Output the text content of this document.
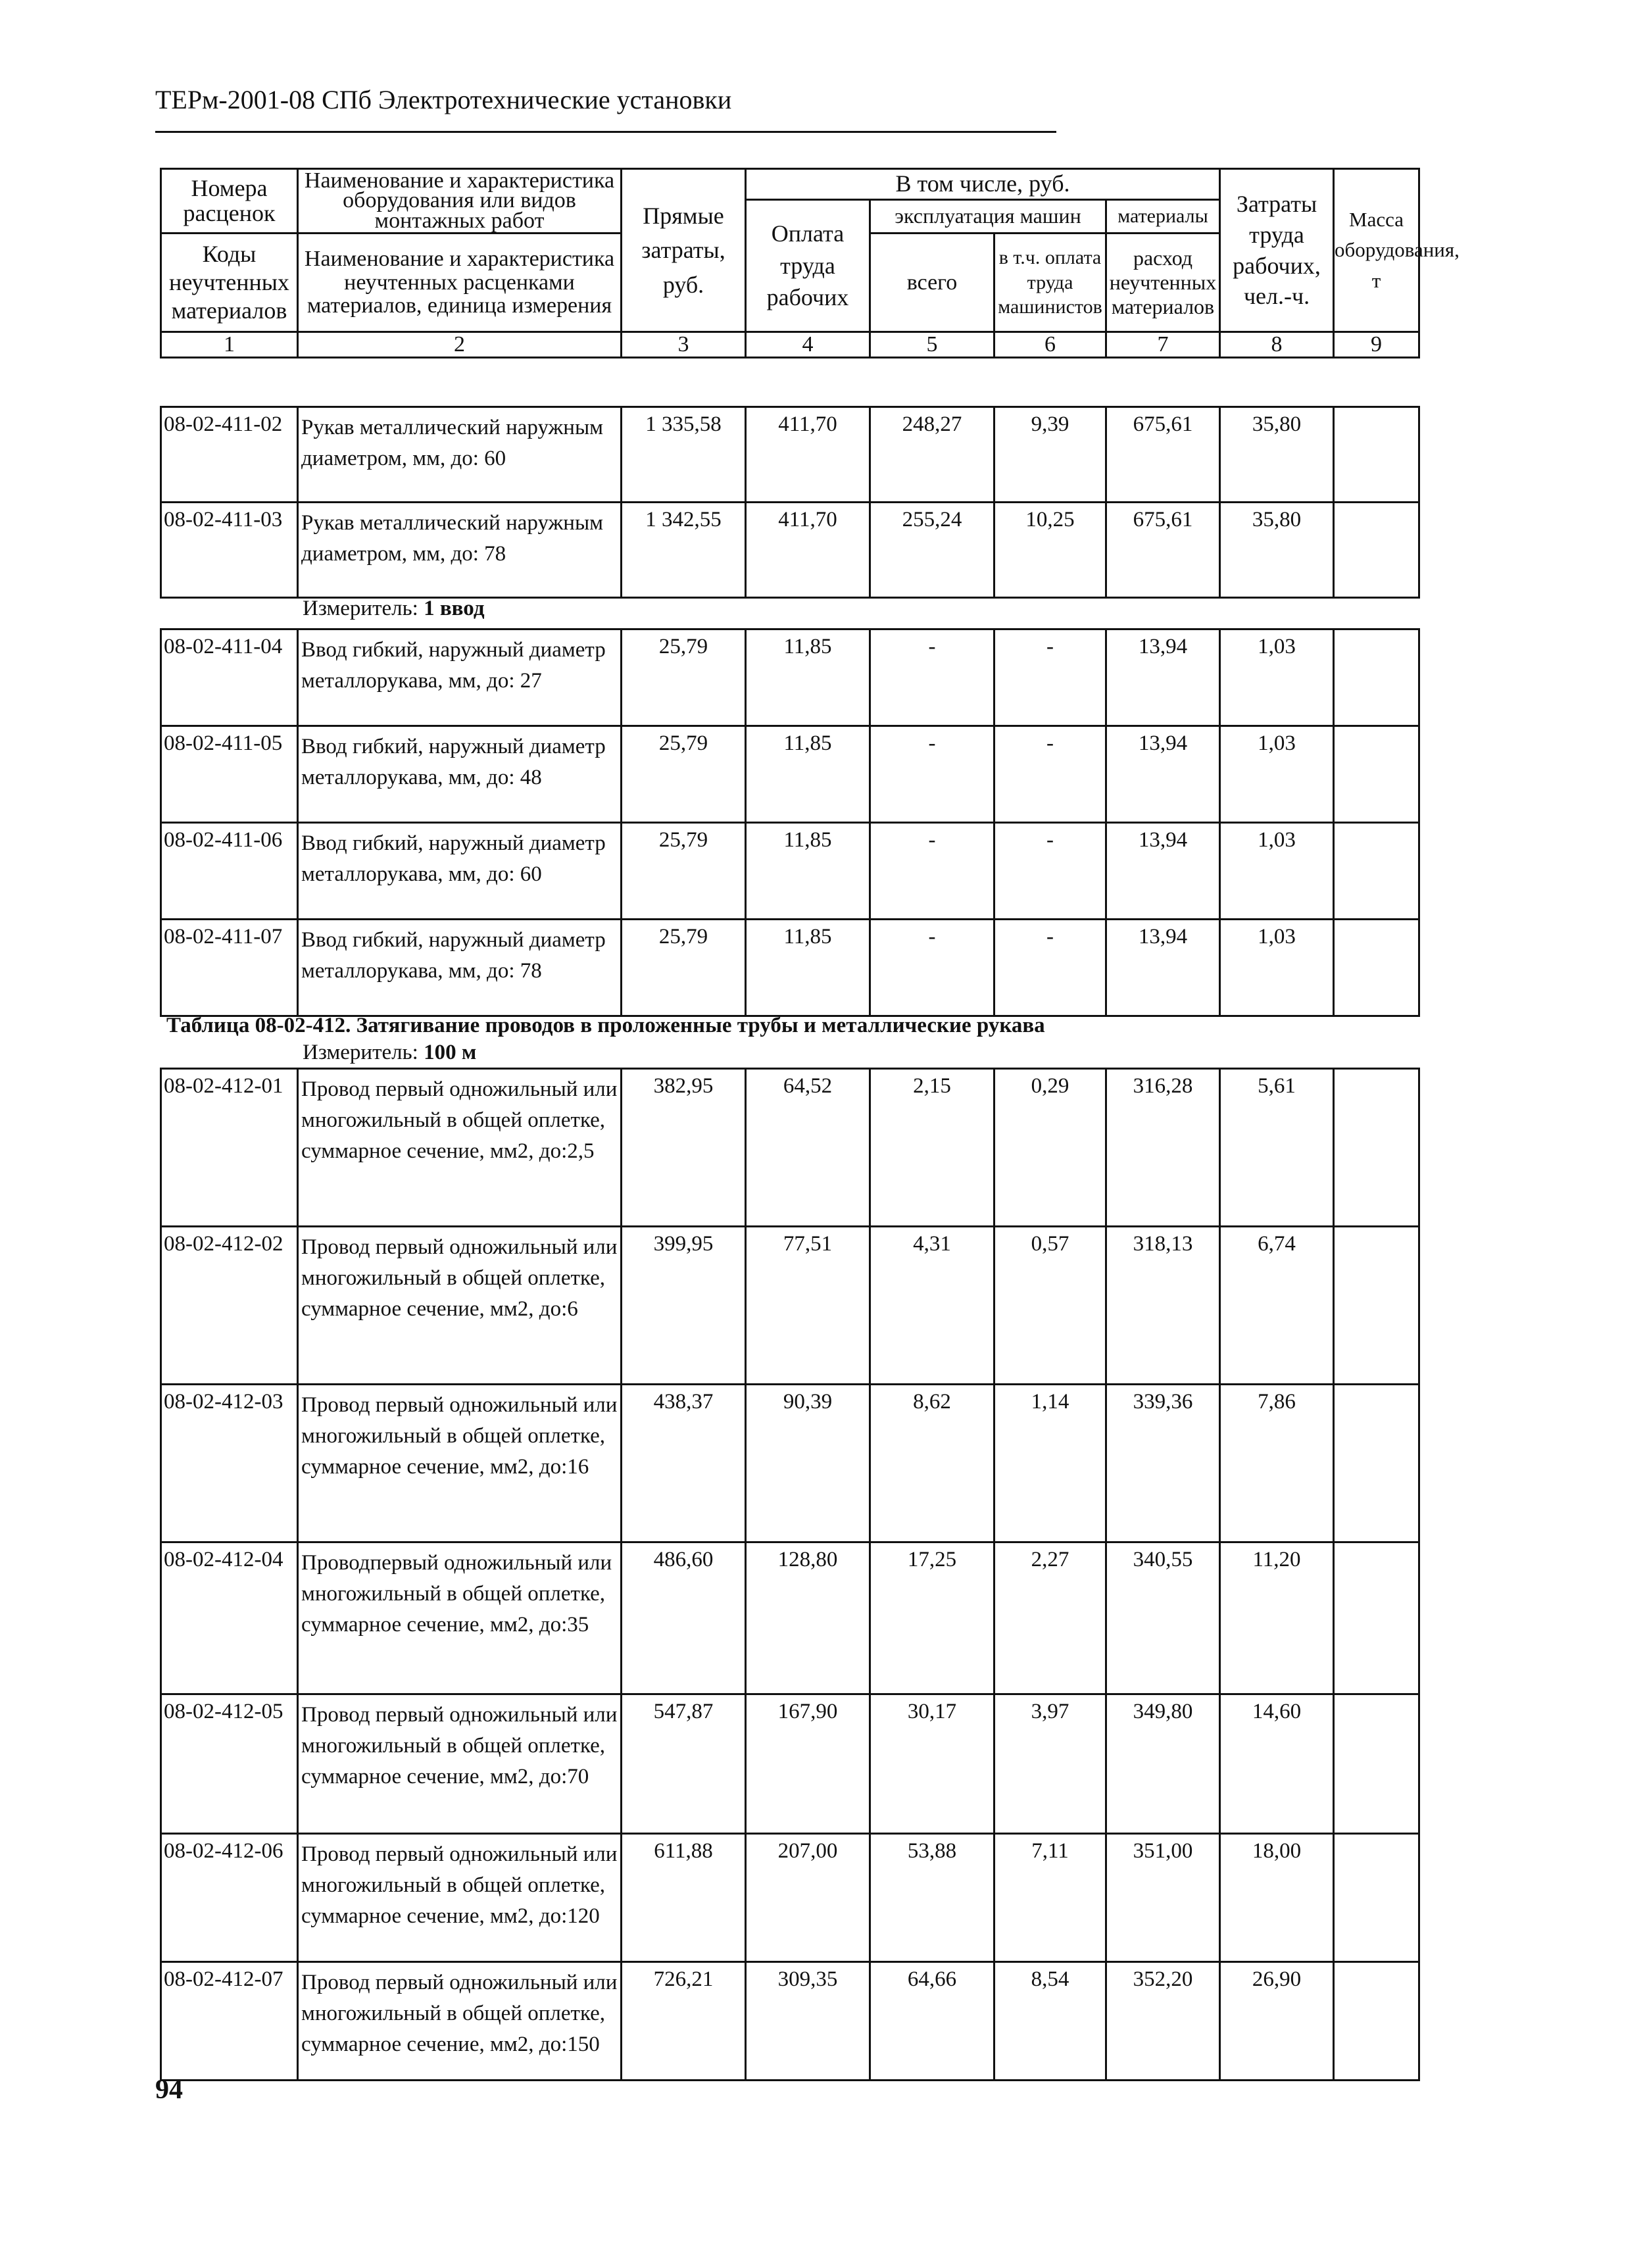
ТЕРм-2001-08 СПб Электротехнические установки
Номера расценок	Наименование и характеристика оборудования или видов монтажных работ	Прямые затраты, руб.	В том числе, руб.				Затраты труда рабочих, чел.-ч.	Масса оборудования, т
			Оплата труда рабочих	эксплуатация машин		материалы		
Коды неучтенных материалов	Наименование и характеристика неучтенных расценками материалов, единица измерения			всего	в т.ч. оплата труда машинистов	расход неучтенных материалов		

1	2	3	4	5	6	7	8	9
08-02-411-02	Рукав металлический наружным диаметром, мм, до: 60	1 335,58	411,70	248,27	9,39	675,61	35,80	
08-02-411-03	Рукав металлический наружным диаметром, мм, до: 78	1 342,55	411,70	255,24	10,25	675,61	35,80	
Измеритель: 1 ввод
08-02-411-04	Ввод гибкий, наружный диаметр металлорукава, мм, до: 27	25,79	11,85	-	-	13,94	1,03	
08-02-411-05	Ввод гибкий, наружный диаметр металлорукава, мм, до: 48	25,79	11,85	-	-	13,94	1,03	
08-02-411-06	Ввод гибкий, наружный диаметр металлорукава, мм, до: 60	25,79	11,85	-	-	13,94	1,03	
08-02-411-07	Ввод гибкий, наружный диаметр металлорукава, мм, до: 78	25,79	11,85	-	-	13,94	1,03	
Таблица 08-02-412. Затягивание проводов в проложенные трубы и металлические рукава
Измеритель: 100 м
08-02-412-01	Провод первый одножильный или многожильный в общей оплетке, суммарное сечение, мм2, до:2,5	382,95	64,52	2,15	0,29	316,28	5,61	
08-02-412-02	Провод первый одножильный или многожильный в общей оплетке, суммарное сечение, мм2, до:6	399,95	77,51	4,31	0,57	318,13	6,74	
08-02-412-03	Провод первый одножильный или многожильный в общей оплетке, суммарное сечение, мм2, до:16	438,37	90,39	8,62	1,14	339,36	7,86	
08-02-412-04	Проводпервый одножильный или многожильный в общей оплетке, суммарное сечение, мм2, до:35	486,60	128,80	17,25	2,27	340,55	11,20	
08-02-412-05	Провод первый одножильный или многожильный в общей оплетке, суммарное сечение, мм2, до:70	547,87	167,90	30,17	3,97	349,80	14,60	
08-02-412-06	Провод первый одножильный или многожильный в общей оплетке, суммарное сечение, мм2, до:120	611,88	207,00	53,88	7,11	351,00	18,00	
08-02-412-07	Провод первый одножильный или многожильный в общей оплетке, суммарное сечение, мм2, до:150	726,21	309,35	64,66	8,54	352,20	26,90	
94
